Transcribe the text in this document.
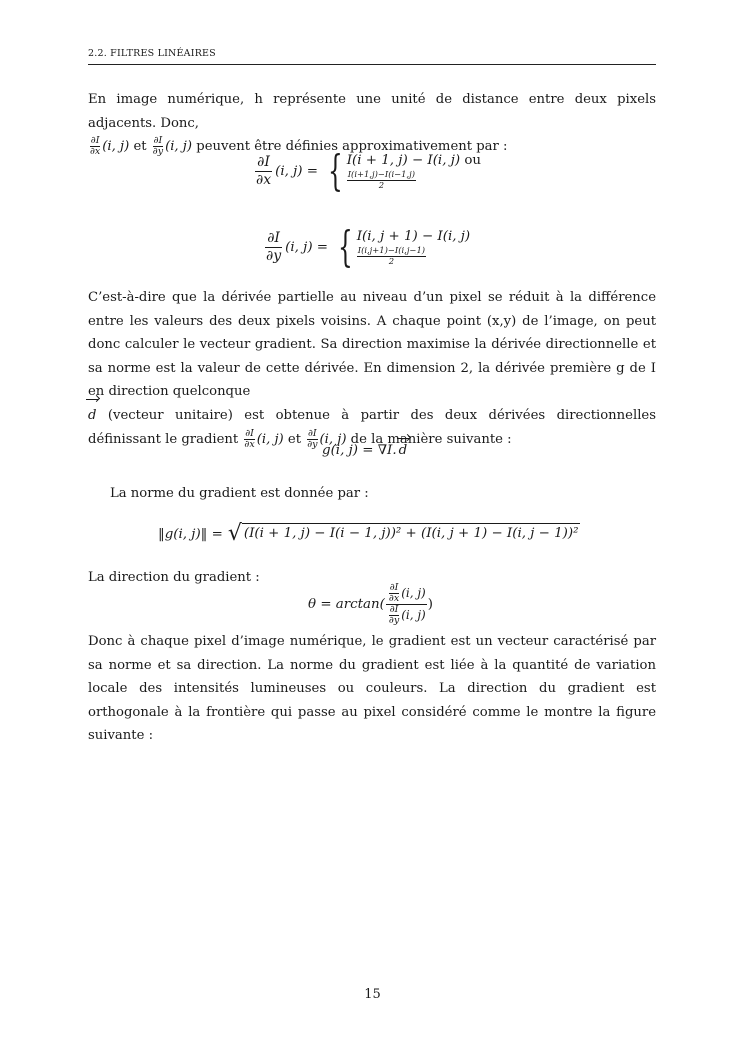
2.2. FILTRES LINÉAIRES
En image numérique, h représente une unité de distance entre deux pixels adjacents. Donc,

$\frac{\partial I}{\partial x} (i$, j) et $\frac{\partial I}{\partial y} (i$, j) peuvent être définies approximativement par :
$\frac{\partial I}{\partial x} (i$, j) = { I(i + 1, j) − I(i, j) ou
$\frac{I(i+1,j)-I(i-1,j)}{2}$
$\frac{\partial I}{\partial y} (i$, j) = { I(i, j + 1) − I(i, j)
$\frac{I(i,j+1)-I(i,j-1)}{2}$
C’est-à-dire que la dérivée partielle au niveau d’un pixel se réduit à la différence entre les valeurs des deux pixels voisins. A chaque point (x,y) de l’image, on peut donc calculer le vecteur gradient. Sa direction maximise la dérivée directionnelle et sa norme est la valeur de cette dérivée. En dimension 2, la dérivée première g de I en direction quelconque
d (vecteur unitaire) est obtenue à partir des deux dérivées directionnelles définissant le gradient $\frac{\partial I}{\partial x} (i$, j) et $\frac{\partial I}{\partial y} (i$, j) de la manière suivante :
g(i, j) = ∇I. d
La norme du gradient est donnée par :
‖g(i, j)‖ = √ (I(i + 1, j) − I(i − 1, j))² + (I(i, j + 1) − I(i, j − 1))²
La direction du gradient :
$\theta = \arctan( \frac{\frac{\partial I}{\partial x} (i, j)}{\frac{\partial I}{\partial y} (i, j)}$ )
Donc à chaque pixel d’image numérique, le gradient est un vecteur caractérisé par sa norme et sa direction. La norme du gradient est liée à la quantité de variation locale des intensités lumineuses ou couleurs. La direction du gradient est orthogonale à la frontière qui passe au pixel considéré comme le montre la figure suivante :
15
